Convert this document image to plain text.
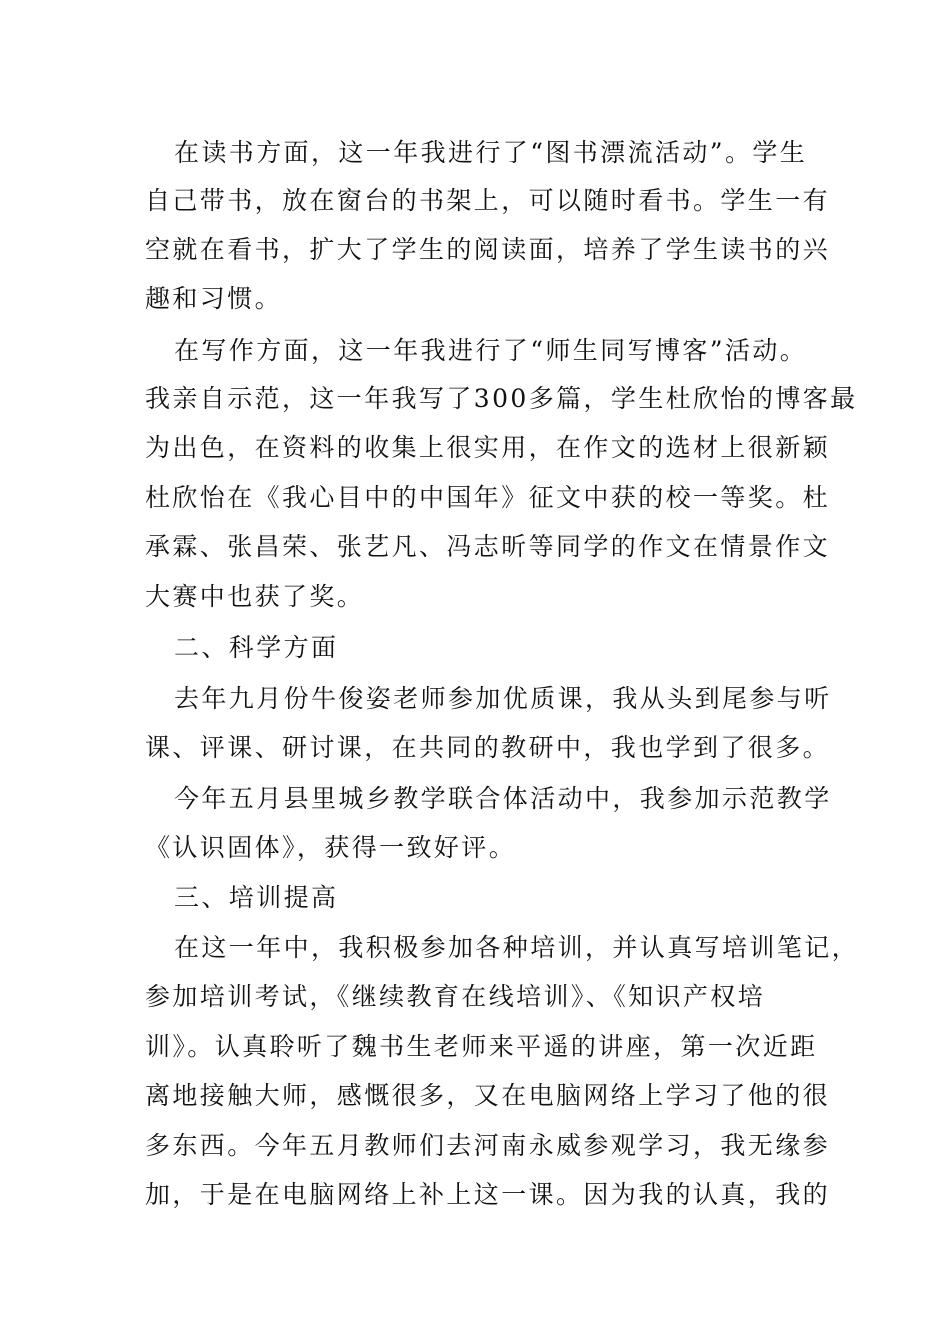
在读书方面，这一年我进行了“图书漂流活动”。学生
自己带书，放在窗台的书架上，可以随时看书。学生一有
空就在看书，扩大了学生的阅读面，培养了学生读书的兴
趣和习惯。
在写作方面，这一年我进行了“师生同写博客”活动。
我亲自示范，这一年我写了300多篇，学生杜欣怡的博客最
为出色，在资料的收集上很实用，在作文的选材上很新颖
杜欣怡在《我心目中的中国年》征文中获的校一等奖。杜
承霖、张昌荣、张艺凡、冯志昕等同学的作文在情景作文
大赛中也获了奖。
二、科学方面
去年九月份牛俊姿老师参加优质课，我从头到尾参与听
课、评课、研讨课，在共同的教研中，我也学到了很多。
今年五月县里城乡教学联合体活动中，我参加示范教学
《认识固体》，获得一致好评。
三、培训提高
在这一年中，我积极参加各种培训，并认真写培训笔记，
参加培训考试，《继续教育在线培训》、《知识产权培
训》。认真聆听了魏书生老师来平遥的讲座，第一次近距
离地接触大师，感慨很多，又在电脑网络上学习了他的很
多东西。今年五月教师们去河南永威参观学习，我无缘参
加，于是在电脑网络上补上这一课。因为我的认真，我的
